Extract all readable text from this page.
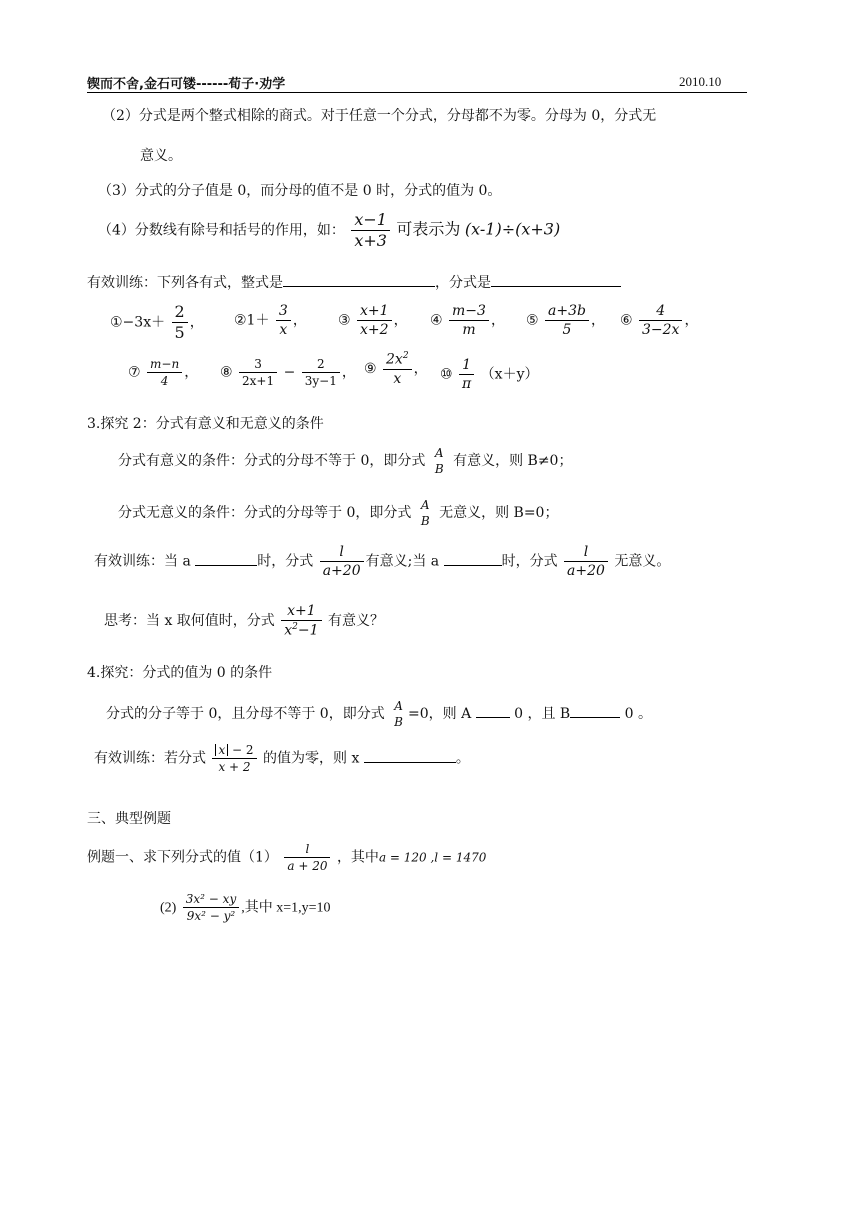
锲而不舍,金石可镂------荀子·劝学	2010.10
（2）分式是两个整式相除的商式。对于任意一个分式，分母都不为零。分母为 0，分式无
意义。
（3）分式的分子值是 0，而分母的值不是 0 时，分式的值为 0。
（4）分数线有除号和括号的作用，如： $\frac{x-1}{x+3}$ 可表示为 (x-1)÷(x+3)
有效训练：下列各有式，整式是	，分式是
①−3x＋ $\frac{2}{5}$ ， ②1＋ $\frac{3}{x}$ ， ③ $\frac{x+1}{x+2}$ ， ④ $\frac{m-3}{m}$ ， ⑤ $\frac{a+3b}{5}$ ， ⑥ $\frac{4}{3-2x}$ ，
⑦ $\frac{m-n}{4}$ ， ⑧ $\frac{3}{2x+1} - \frac{2}{3y-1}$ ， ⑨ $\frac{2x^2}{x}$ ， ⑩ $\frac{1}{\pi} (x+y)$
3.探究 2：分式有意义和无意义的条件
分式有意义的条件：分式的分母不等于 0，即分式 A
B 有意义，则 B≠0；
分式无意义的条件：分式的分母等于 0，即分式 A
B 无意义，则 B=0；
有效训练：当 a	时，分式 $\frac{l}{a+20}$ 有意义;当 a	时，分式 $\frac{l}{a+20}$ 无意义。
思考：当 x 取何值时，分式 $\frac{x+1}{x^2-1}$ 有意义？
4.探究：分式的值为 0 的条件
分式的分子等于 0，且分母不等于 0，即分式 A
B =0，则 A  0 ，且 B	0 。
有效训练：若分式 $\frac{x - 2}{x + 2}$ 的值为零，则 x	。
三、典型例题
例题一、求下列分式的值$(1) \frac{l}{a + 20}$ ，其中a = 120 ,l = 1470
$(2) \frac{\text{3x² − xy}}{\text{9x² − y²}}$ ,其中 x=1,y=10
